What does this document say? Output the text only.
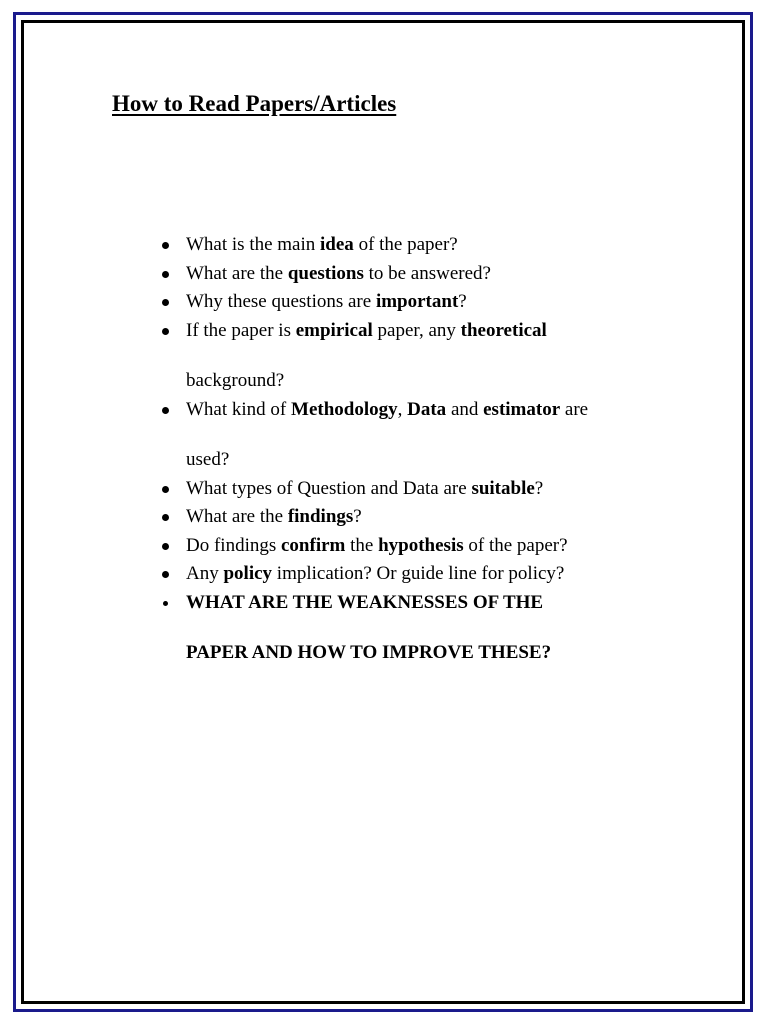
How to Read Papers/Articles
What is the main idea of the paper?
What are the questions to be answered?
Why these questions are important?
If the paper is empirical paper, any theoretical
background?
What kind of Methodology, Data and estimator are
used?
What types of Question and Data are suitable?
What are the findings?
Do findings confirm the hypothesis of the paper?
Any policy implication? Or guide line for policy?
WHAT ARE THE WEAKNESSES OF THE
PAPER AND HOW TO IMPROVE THESE?
